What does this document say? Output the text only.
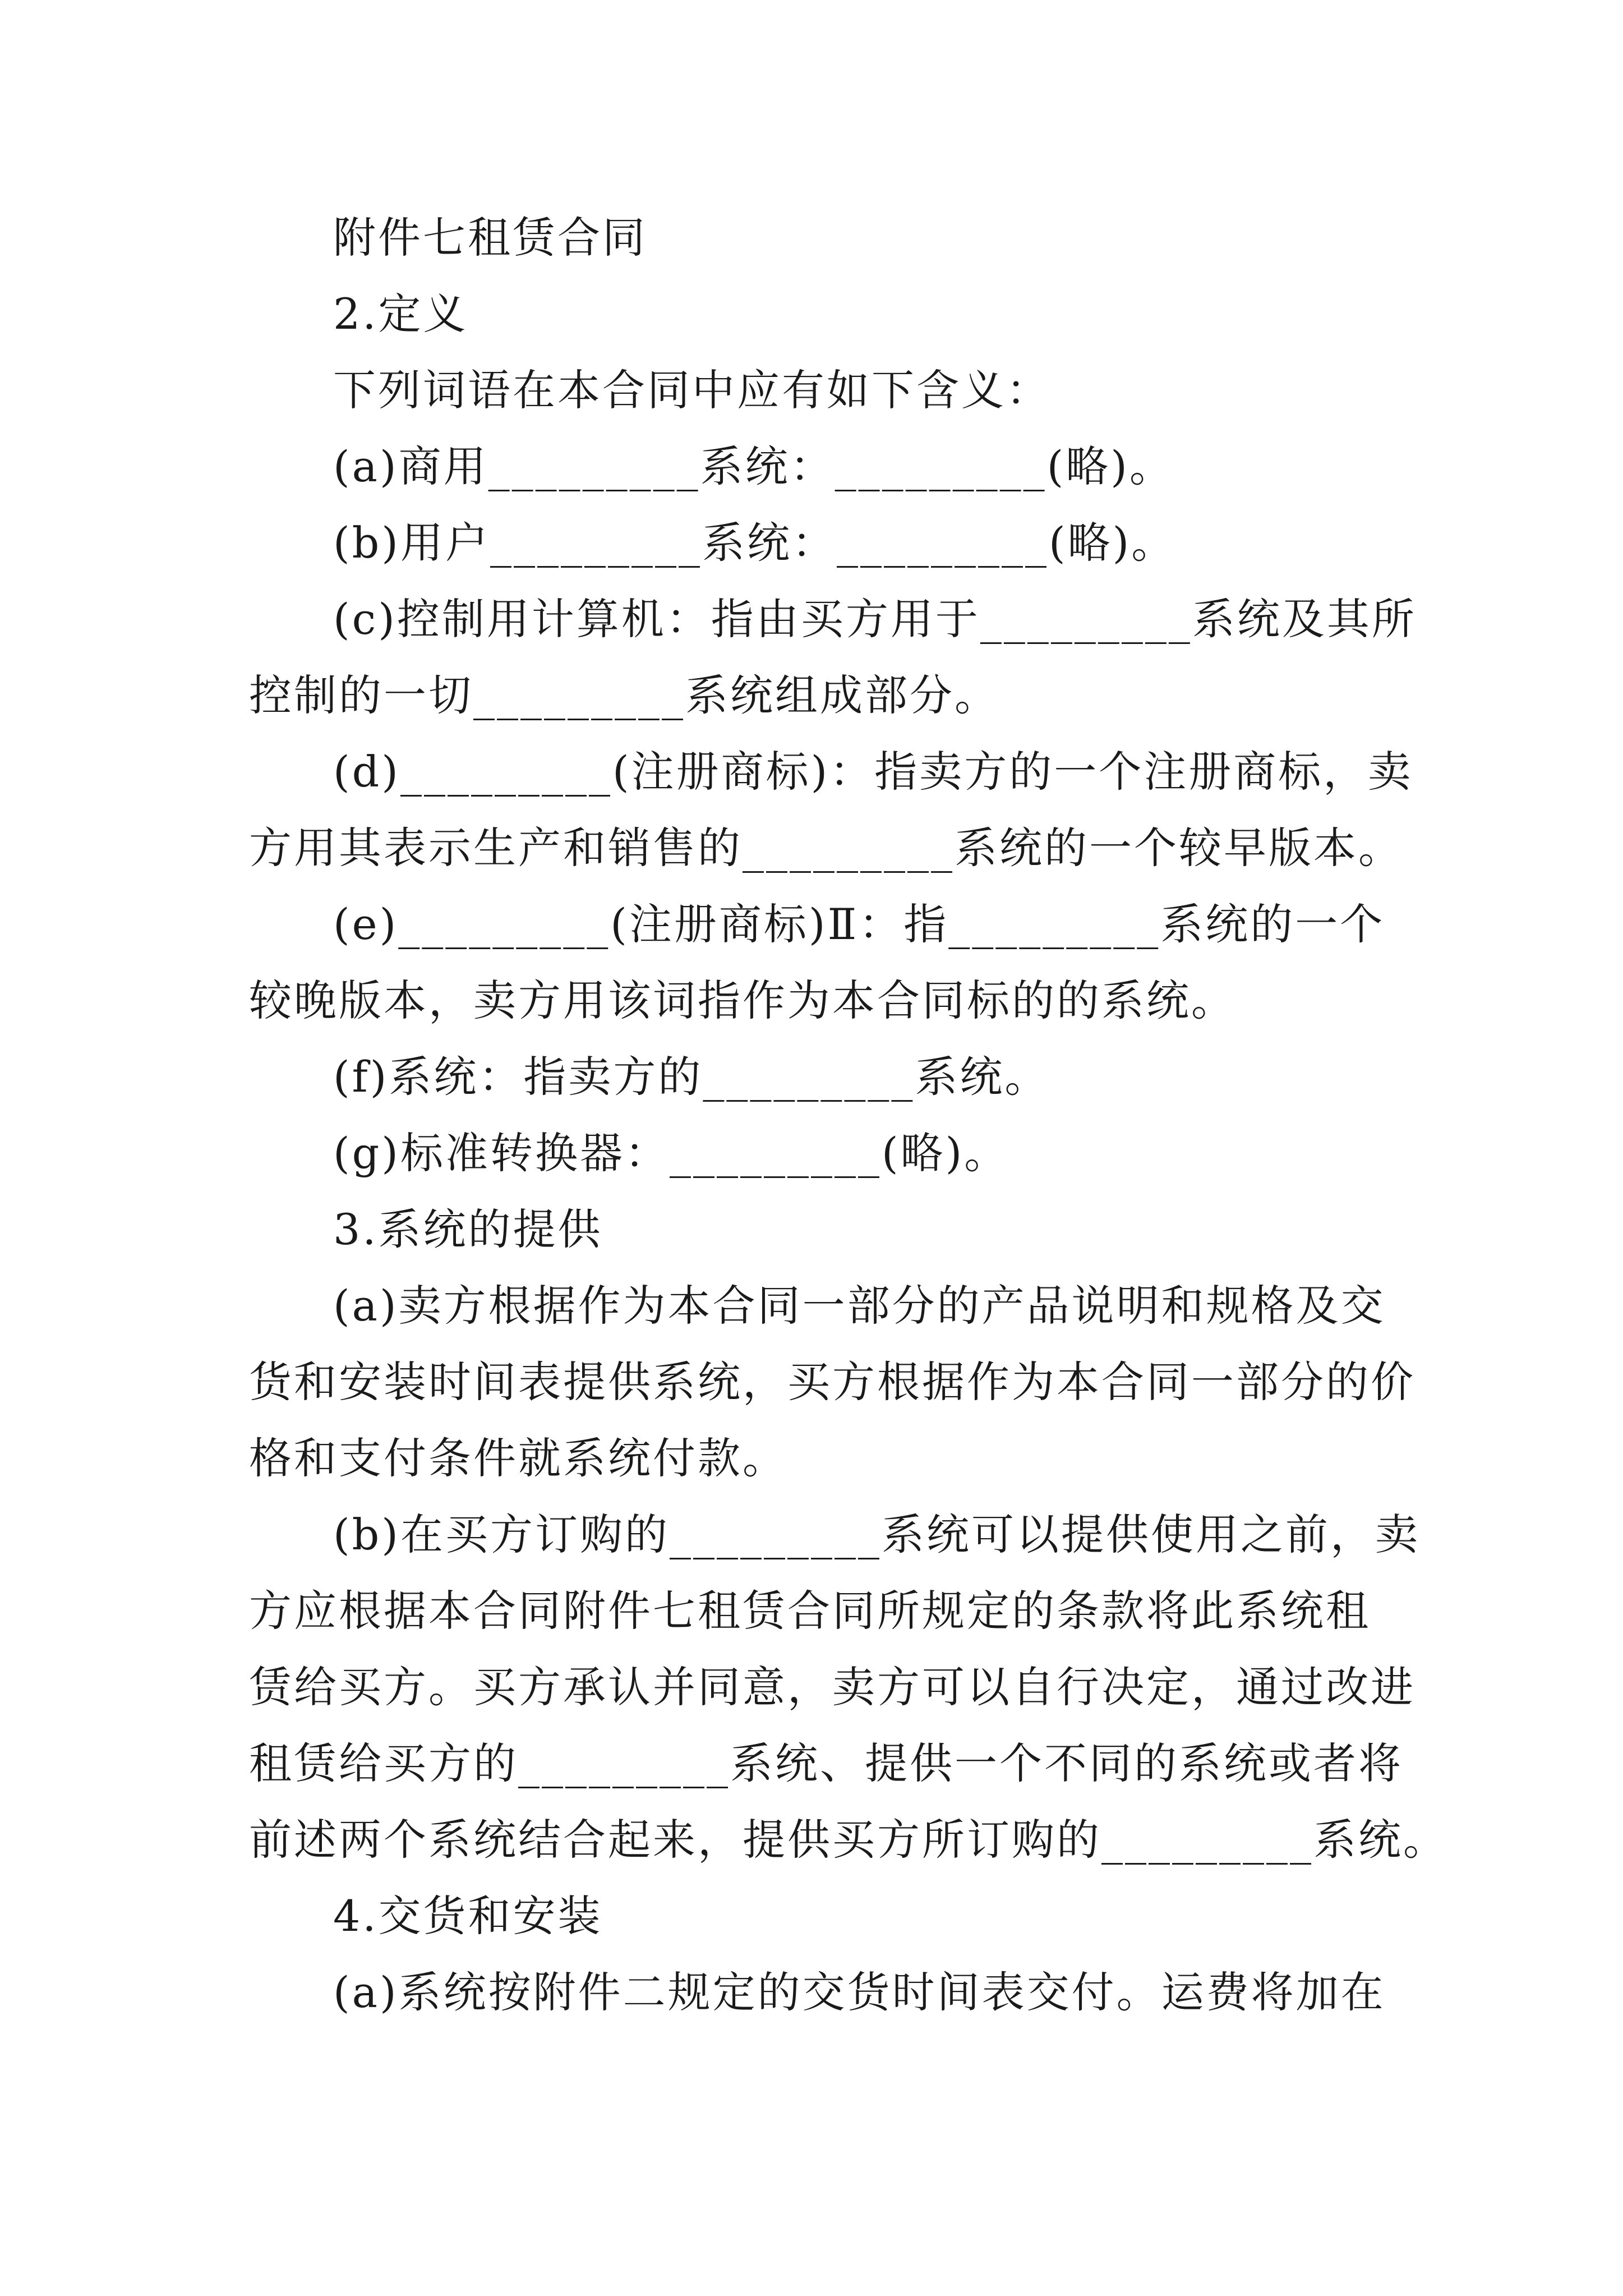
附件七租赁合同
2.定义
下列词语在本合同中应有如下含义：
(a)商用_________系统：_________(略)。
(b)用户_________系统：_________(略)。
(c)控制用计算机：指由买方用于_________系统及其所
控制的一切_________系统组成部分。
(d)_________(注册商标)：指卖方的一个注册商标，卖
方用其表示生产和销售的_________系统的一个较早版本。
(e)_________(注册商标)Ⅱ：指_________系统的一个
较晚版本，卖方用该词指作为本合同标的的系统。
(f)系统：指卖方的_________系统。
(g)标准转换器：_________(略)。
3.系统的提供
(a)卖方根据作为本合同一部分的产品说明和规格及交
货和安装时间表提供系统，买方根据作为本合同一部分的价
格和支付条件就系统付款。
(b)在买方订购的_________系统可以提供使用之前，卖
方应根据本合同附件七租赁合同所规定的条款将此系统租
赁给买方。买方承认并同意，卖方可以自行决定，通过改进
租赁给买方的_________系统、提供一个不同的系统或者将
前述两个系统结合起来，提供买方所订购的_________系统。
4.交货和安装
(a)系统按附件二规定的交货时间表交付。运费将加在
